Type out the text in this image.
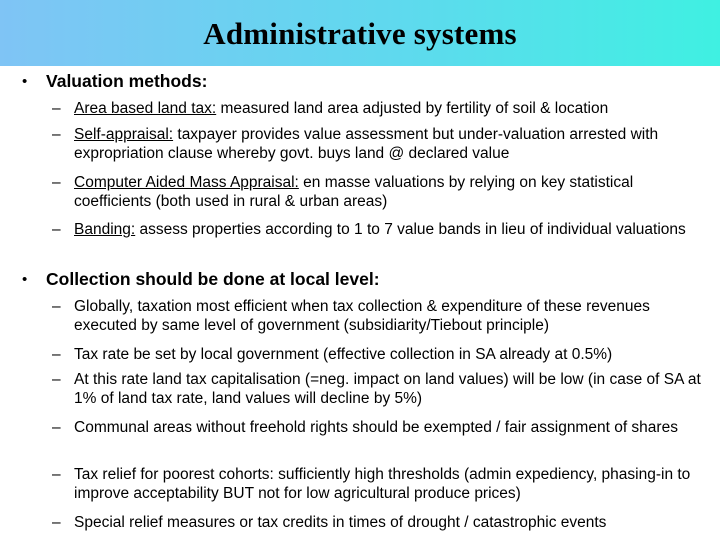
Administrative systems
• Valuation methods:
– Area based land tax: measured land area adjusted by fertility of soil & location
– Self-appraisal: taxpayer provides value assessment but under-valuation arrested with expropriation clause whereby govt. buys land @ declared value
– Computer Aided Mass Appraisal: en masse valuations by relying on key statistical coefficients (both used in rural & urban areas)
– Banding: assess properties according to 1 to 7 value bands in lieu of individual valuations
• Collection should be done at local level:
– Globally, taxation most efficient when tax collection & expenditure of these revenues executed by same level of government (subsidiarity/Tiebout principle)
– Tax rate be set by local government (effective collection in SA already at 0.5%)
– At this rate land tax capitalisation (=neg. impact on land values) will be low (in case of SA at 1% of land tax rate, land values will decline by 5%)
– Communal areas without freehold rights should be exempted / fair assignment of shares
– Tax relief for poorest cohorts: sufficiently high thresholds (admin expediency, phasing-in to improve acceptability BUT not for low agricultural produce prices)
– Special relief measures or tax credits in times of drought / catastrophic events
